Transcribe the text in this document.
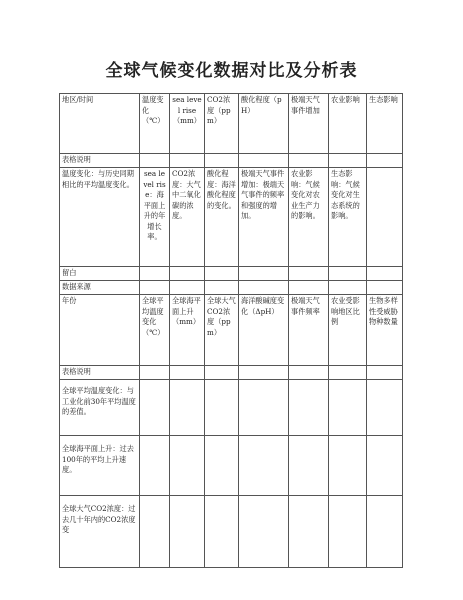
全球气候变化数据对比及分析表
地区/时间	温度变化（℃）	sea level rise（mm）	CO2浓度（ppm）	酸化程度（pH）	极端天气事件增加	农业影响	生态影响
表格说明							
温度变化：与历史同期相比的平均温度变化。	sea level rise：海平面上升的年增长率。	CO2浓度：大气中二氧化碳的浓度。	酸化程度：海洋酸化程度的变化。	极端天气事件增加：极端天气事件的频率和强度的增加。	农业影响：气候变化对农业生产力的影响。	生态影响：气候变化对生态系统的影响。	
留白							
数据来源							
年份	全球平均温度变化（℃）	全球海平面上升（mm）	全球大气CO2浓度（ppm）	海洋酸碱度变化（ΔpH）	极端天气事件频率	农业受影响地区比例	生物多样性受威胁物种数量
表格说明							
全球平均温度变化：与工业化前30年平均温度的差值。							
全球海平面上升：过去100年的平均上升速度。							
全球大气CO2浓度：过去几十年内的CO2浓度变							
